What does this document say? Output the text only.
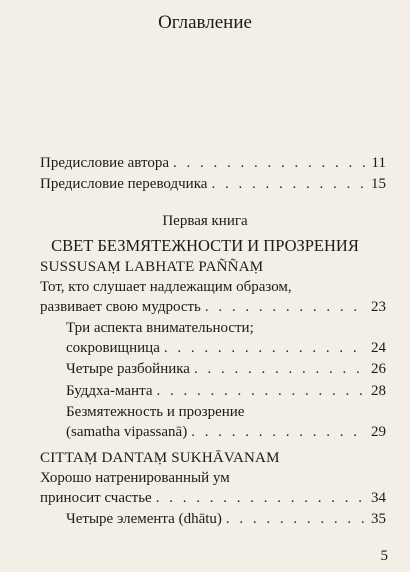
Оглавление
Предисловие автора . . .	11
Предисловие переводчика . . .	15
Первая книга
СВЕТ БЕЗМЯТЕЖНОСТИ И ПРОЗРЕНИЯ
SUSSUSAṂ LABHATE PAÑÑAṂ
Тот, кто слушает надлежащим образом,
развивает свою мудрость . . .	23
Три аспекта внимательности;
сокровищница . . .	24
Четыре разбойника . . .	26
Буддха-манта . . .	28
Безмятежность и прозрение
(samatha vipassanā) . . .	29
CITTAṂ DANTAṂ SUKHĀVANAM
Хорошо натренированный ум
приносит счастье . . .	34
Четыре элемента (dhātu) . . .	35
5
